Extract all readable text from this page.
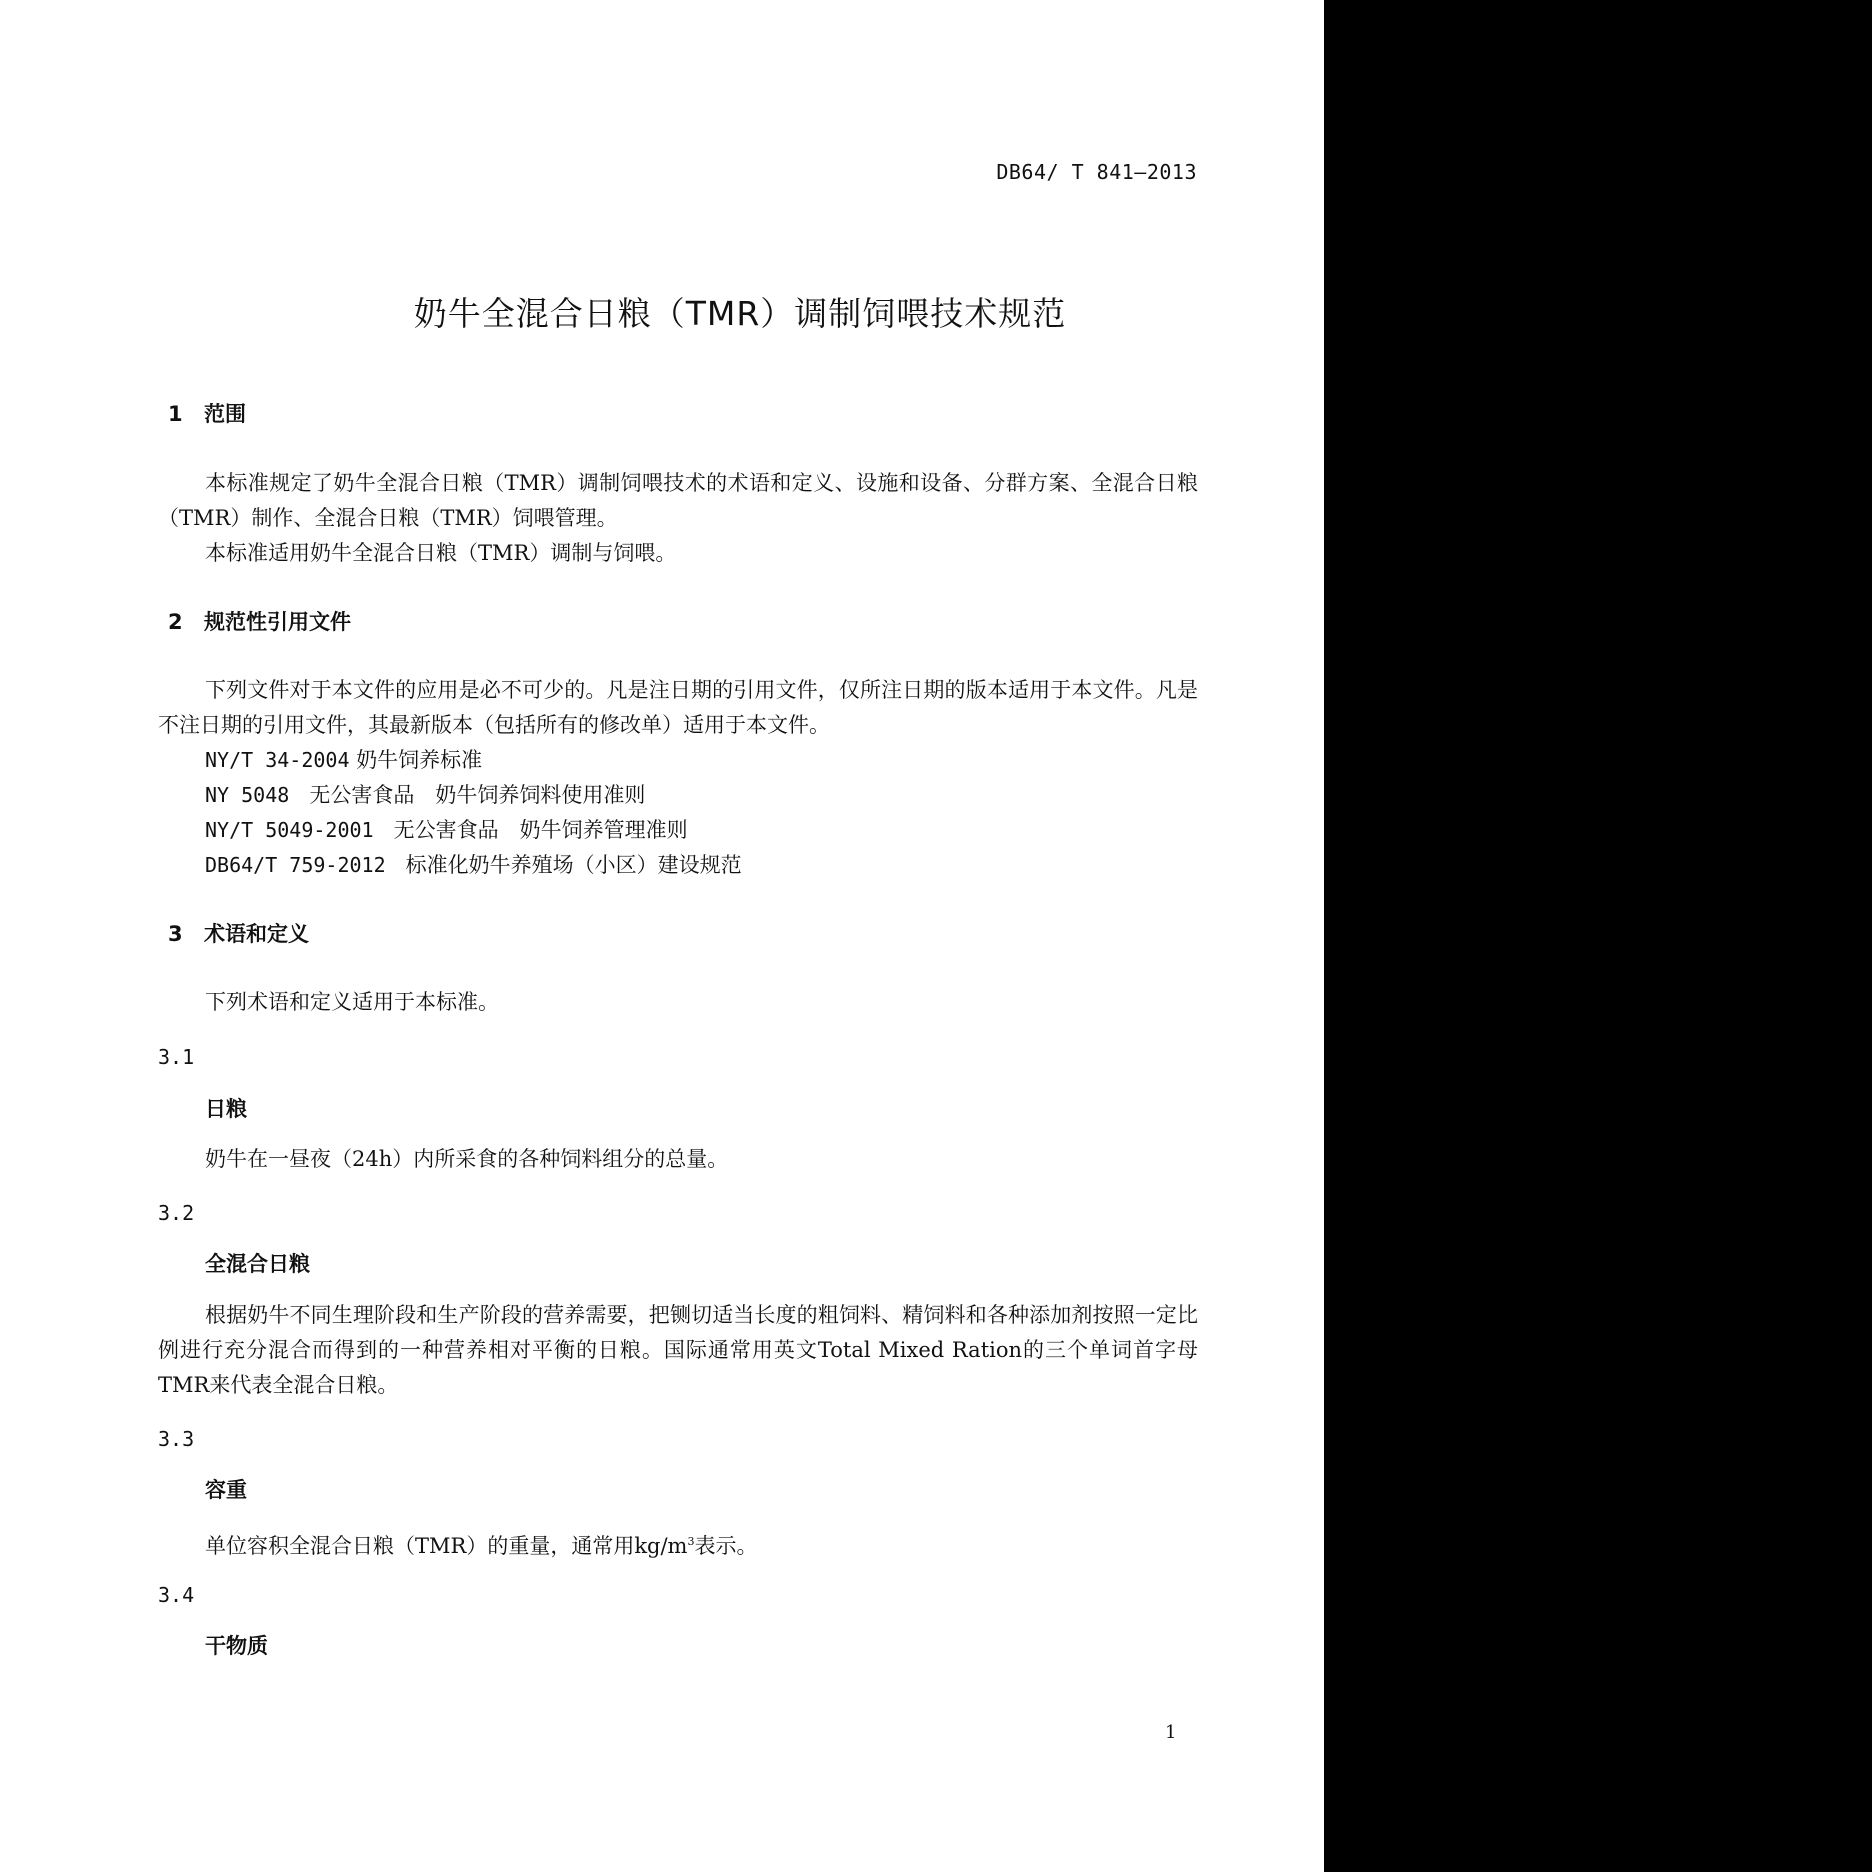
DB64/ T 841—2013
奶牛全混合日粮（TMR）调制饲喂技术规范
1 范围
本标准规定了奶牛全混合日粮（TMR）调制饲喂技术的术语和定义、设施和设备、分群方案、全混合日粮（TMR）制作、全混合日粮（TMR）饲喂管理。
本标准适用奶牛全混合日粮（TMR）调制与饲喂。
2 规范性引用文件
下列文件对于本文件的应用是必不可少的。凡是注日期的引用文件，仅所注日期的版本适用于本文件。凡是不注日期的引用文件，其最新版本（包括所有的修改单）适用于本文件。
NY/T 34-2004 奶牛饲养标准
NY 5048 无公害食品　奶牛饲养饲料使用准则
NY/T 5049-2001 无公害食品　奶牛饲养管理准则
DB64/T 759-2012 标准化奶牛养殖场（小区）建设规范
3 术语和定义
下列术语和定义适用于本标准。
3.1
日粮
奶牛在一昼夜（24h）内所采食的各种饲料组分的总量。
3.2
全混合日粮
根据奶牛不同生理阶段和生产阶段的营养需要，把铡切适当长度的粗饲料、精饲料和各种添加剂按照一定比例进行充分混合而得到的一种营养相对平衡的日粮。国际通常用英文Total Mixed Ration的三个单词首字母TMR来代表全混合日粮。
3.3
容重
单位容积全混合日粮（TMR）的重量，通常用$kg/m^3$表示。
3.4
干物质
1
